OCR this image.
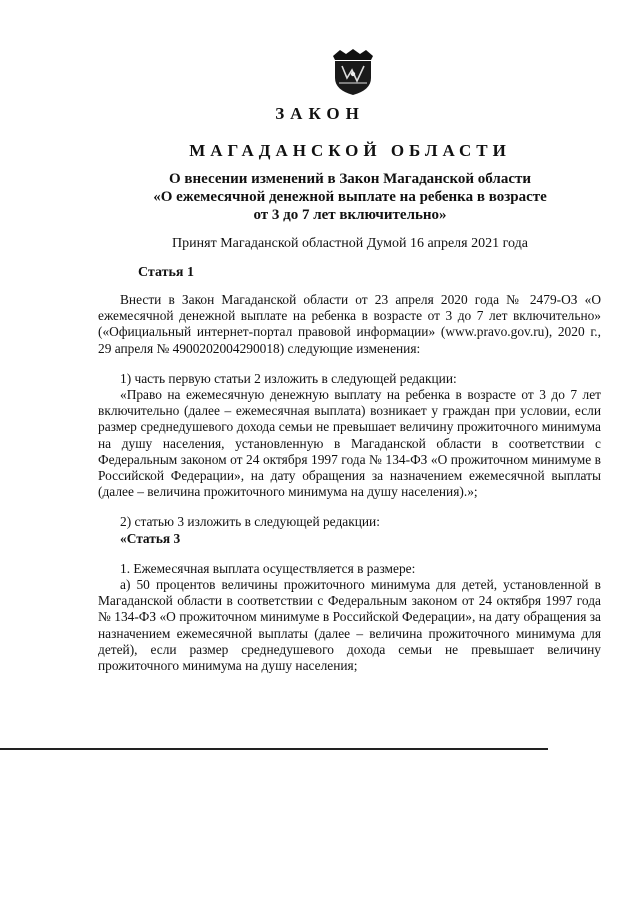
ЗАКОН
МАГАДАНСКОЙ ОБЛАСТИ
О внесении изменений в Закон Магаданской области
«О ежемесячной денежной выплате на ребенка в возрасте
от 3 до 7 лет включительно»
Принят Магаданской областной Думой 16 апреля 2021 года
Статья 1

Внести в Закон Магаданской области от 23 апреля 2020 года № 2479-ОЗ «О ежемесячной денежной выплате на ребенка в возрасте от 3 до 7 лет включительно» («Официальный интернет-портал правовой информации» (www.pravo.gov.ru), 2020 г., 29 апреля № 4900202004290018) следующие изменения:

1) часть первую статьи 2 изложить в следующей редакции:

«Право на ежемесячную денежную выплату на ребенка в возрасте от 3 до 7 лет включительно (далее – ежемесячная выплата) возникает у граждан при условии, если размер среднедушевого дохода семьи не превышает величину прожиточного минимума на душу населения, установленную в Магаданской области в соответствии с Федеральным законом от 24 октября 1997 года № 134-ФЗ «О прожиточном минимуме в Российской Федерации», на дату обращения за назначением ежемесячной выплаты (далее – величина прожиточного минимума на душу населения).»;

2) статью 3 изложить в следующей редакции:

«Статья 3

1. Ежемесячная выплата осуществляется в размере:

а) 50 процентов величины прожиточного минимума для детей, установленной в Магаданской области в соответствии с Федеральным законом от 24 октября 1997 года № 134-ФЗ «О прожиточном минимуме в Российской Федерации», на дату обращения за назначением ежемесячной выплаты (далее – величина прожиточного минимума для детей), если размер среднедушевого дохода семьи не превышает величину прожиточного минимума на душу населения;
